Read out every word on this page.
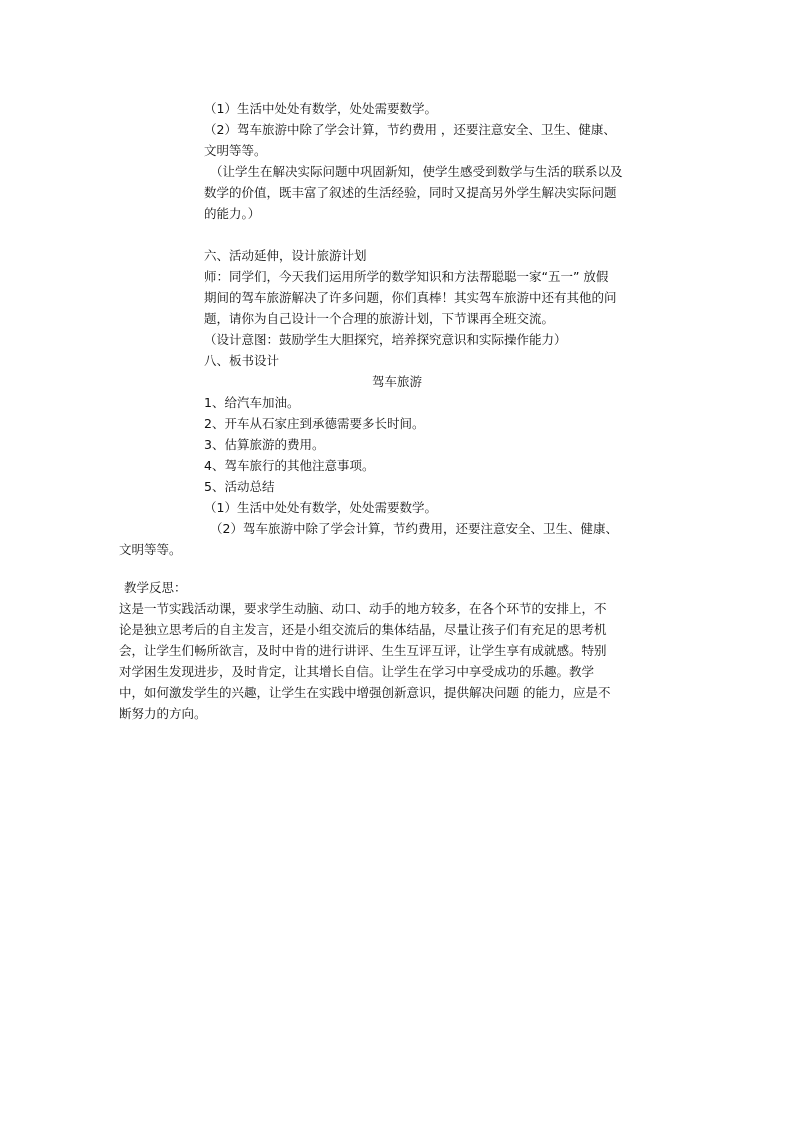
（1）生活中处处有数学，处处需要数学。
（2）驾车旅游中除了学会计算，节约费用 ，还要注意安全、卫生、健康、
文明等等。
（让学生在解决实际问题中巩固新知，使学生感受到数学与生活的联系以及
数学的价值，既丰富了叙述的生活经验，同时又提高另外学生解决实际问题
的能力。）
六、活动延伸，设计旅游计划
师：同学们，今天我们运用所学的数学知识和方法帮聪聪一家“五一” 放假
期间的驾车旅游解决了许多问题，你们真棒！其实驾车旅游中还有其他的问
题，请你为自己设计一个合理的旅游计划，下节课再全班交流。
（设计意图：鼓励学生大胆探究，培养探究意识和实际操作能力）
八、板书设计
驾车旅游
1、给汽车加油。
2、开车从石家庄到承德需要多长时间。
3、估算旅游的费用。
4、驾车旅行的其他注意事项。
5、活动总结
（1）生活中处处有数学，处处需要数学。
（2）驾车旅游中除了学会计算，节约费用，还要注意安全、卫生、健康、
文明等等。
教学反思：
这是一节实践活动课，要求学生动脑、动口、动手的地方较多，在各个环节的安排上，不
论是独立思考后的自主发言，还是小组交流后的集体结晶，尽量让孩子们有充足的思考机
会，让学生们畅所欲言，及时中肯的进行讲评、生生互评互评，让学生享有成就感。特别
对学困生发现进步，及时肯定，让其增长自信。让学生在学习中享受成功的乐趣。教学
中，如何激发学生的兴趣，让学生在实践中增强创新意识，提供解决问题 的能力，应是不
断努力的方向。
